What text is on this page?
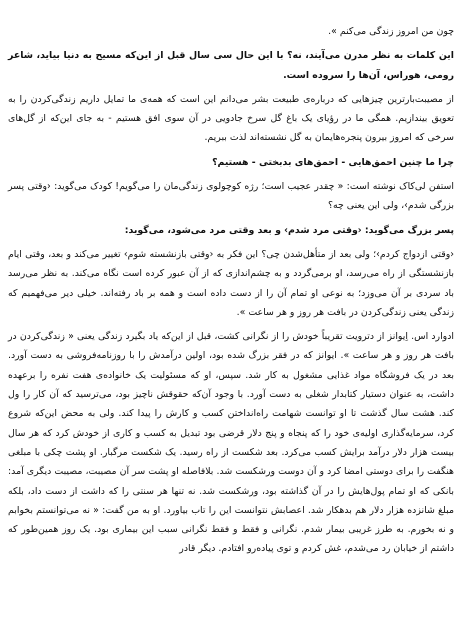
چون من امروز زندگی می‌کنم ».

این کلمات به نظر مدرن می‌آیند، نه؟ با این حال سی سال قبل از این‌که مسیح به دنیا بیاید، شاعر رومی، هوراس، آن‌ها را سروده است.

از مصیبت‌بارترین چیزهایی که درباره‌ی طبیعت بشر می‌دانم این است که همه‌ی ما تمایل داریم زندگی‌کردن را به تعویق بیندازیم. همگی ما در رؤیای یک باغ گل سرخ جادویی در آن سوی افق هستیم - به جای این‌که از گل‌های سرخی که امروز بیرون پنجره‌هایمان به گل نشسته‌اند لذت ببریم.

چرا ما چنین احمق‌هایی - احمق‌های بدبختی - هستیم؟

استفن لی‌کاک نوشته است: « چقدر عجیب است؛ رژه کوچولوی زندگی‌مان را می‌گویم! کودک می‌گوید: ‹وقتی پسر بزرگی شدم›، ولی این یعنی چه؟

پسر بزرگ می‌گوید: ‹وقتی مرد شدم› و بعد وقتی مرد می‌شود، می‌گوید:

‹وقتی ازدواج کردم›؛ ولی بعد از متأهل‌شدن چی؟ این فکر به ‹وقتی بازنشسته شوم› تغییر می‌کند و بعد، وقتی ایام بازنشستگی از راه می‌رسد، او برمی‌گردد و به چشم‌اندازی که از آن عبور کرده است نگاه می‌کند. به نظر می‌رسد باد سردی بر آن می‌وزد؛ به نوعی او تمام آن را از دست داده است و همه بر باد رفته‌اند. خیلی دیر می‌فهمیم که زندگی یعنی زندگی‌کردن در بافت هر روز و هر ساعت ».

ادوارد اس. اِیوانز از دترویت تقریباً خودش را از نگرانی کشت، قبل از این‌که یاد بگیرد زندگی یعنی « زندگی‌کردن در بافت هر روز و هر ساعت ». ایوانز که در فقر بزرگ شده بود، اولین درآمدش را با روزنامه‌فروشی به دست آورد. بعد در یک فروشگاه مواد غذایی مشغول به کار شد. سپس، او که مسئولیت یک خانواده‌ی هفت نفره را برعهده داشت، به عنوان دستیار کتابدار شغلی به دست آورد. با وجود آن‌که حقوقش ناچیز بود، می‌ترسید که آن کار را ول کند. هشت سال گذشت تا او توانست شهامت راه‌انداختن کسب و کارش را پیدا کند. ولی به محض این‌که شروع کرد، سرمایه‌گذاری اولیه‌ی خود را که پنجاه و پنج دلار قرضی بود تبدیل به کسب و کاری از خودش کرد که هر سال بیست هزار دلار درآمد برایش کسب می‌کرد. بعد شکست از راه رسید. یک شکست مرگبار. او پشت چکی با مبلغی هنگفت را برای دوستی امضا کرد و آن دوست ورشکست شد. بلافاصله او پشت سر آن مصیبت، مصیبت دیگری آمد: بانکی که او تمام پول‌هایش را در آن گذاشته بود، ورشکست شد. نه تنها هر سنتی را که داشت از دست داد، بلکه مبلغ شانزده هزار دلار هم بدهکار شد. اعصابش نتوانست این را تاب بیاورد. او به من گفت: « نه می‌توانستم بخوابم و نه بخورم. به طرز غریبی بیمار شدم. نگرانی و فقط و فقط نگرانی سبب این بیماری بود. یک روز همین‌طور که داشتم از خیابان رد می‌شدم، غش کردم و توی پیاده‌رو افتادم. دیگر قادر
